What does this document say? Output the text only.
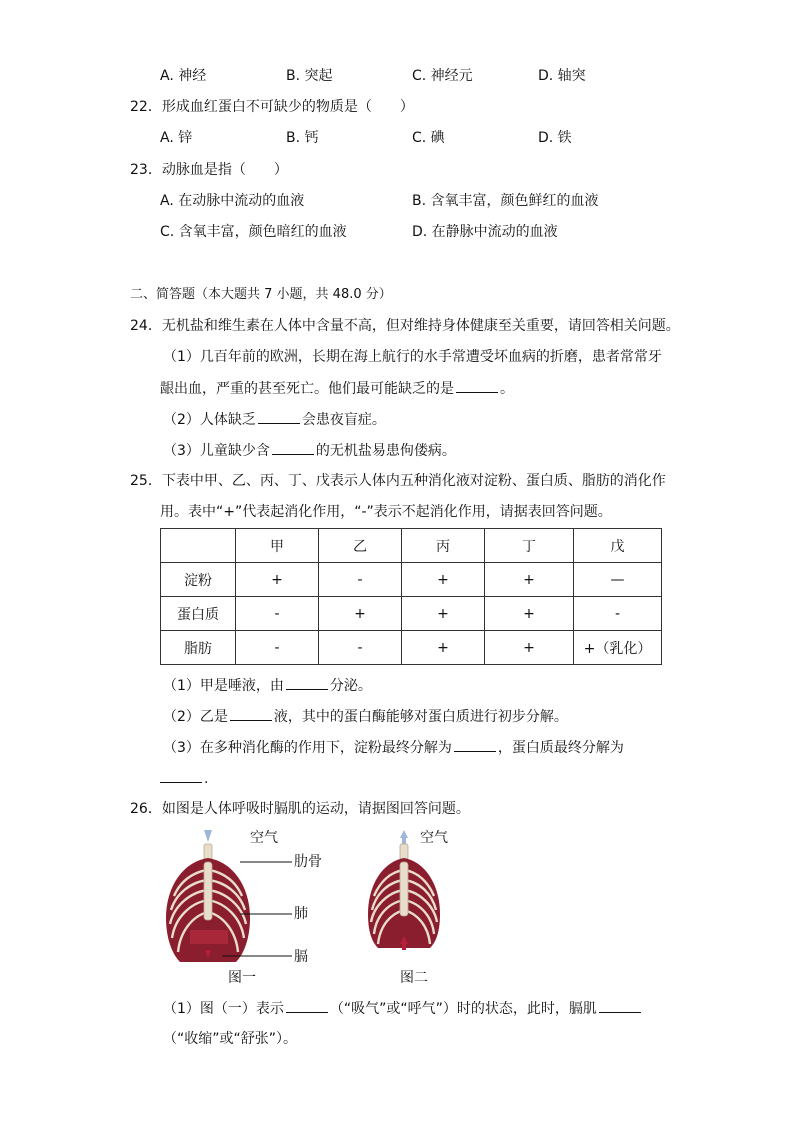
A. 神经	B. 突起	C. 神经元	D. 轴突
22．形成血红蛋白不可缺少的物质是（　　）
A. 锌	B. 钙	C. 碘	D. 铁
23．动脉血是指（　　）
A. 在动脉中流动的血液	B. 含氧丰富，颜色鲜红的血液
C. 含氧丰富，颜色暗红的血液	D. 在静脉中流动的血液
二、简答题（本大题共 7 小题，共 48.0 分）
24．无机盐和维生素在人体中含量不高，但对维持身体健康至关重要，请回答相关问题。
（1）几百年前的欧洲，长期在海上航行的水手常遭受坏血病的折磨，患者常常牙
龈出血，严重的甚至死亡。他们最可能缺乏的是	。
（2）人体缺乏	会患夜盲症。
（3）儿童缺少含	的无机盐易患佝偻病。
25．下表中甲、乙、丙、丁、戊表示人体内五种消化液对淀粉、蛋白质、脂肪的消化作
用。表中“+”代表起消化作用，“-”表示不起消化作用，请据表回答问题。
	甲	乙	丙	丁	戊
淀粉	+	-	+	+	—
蛋白质	-	+	+	+	-
脂肪	-	-	+	+	+（乳化）
（1）甲是唾液，由	分泌。
（2）乙是	液，其中的蛋白酶能够对蛋白质进行初步分解。
（3）在多种消化酶的作用下，淀粉最终分解为	，蛋白质最终分解为
.
26．如图是人体呼吸时膈肌的运动，请据图回答问题。
空气
肋骨
肺
膈
图一
空气
图二
（1）图（一）表示	（“吸气”或“呼气”）时的状态，此时，膈肌
（“收缩”或“舒张”）。
